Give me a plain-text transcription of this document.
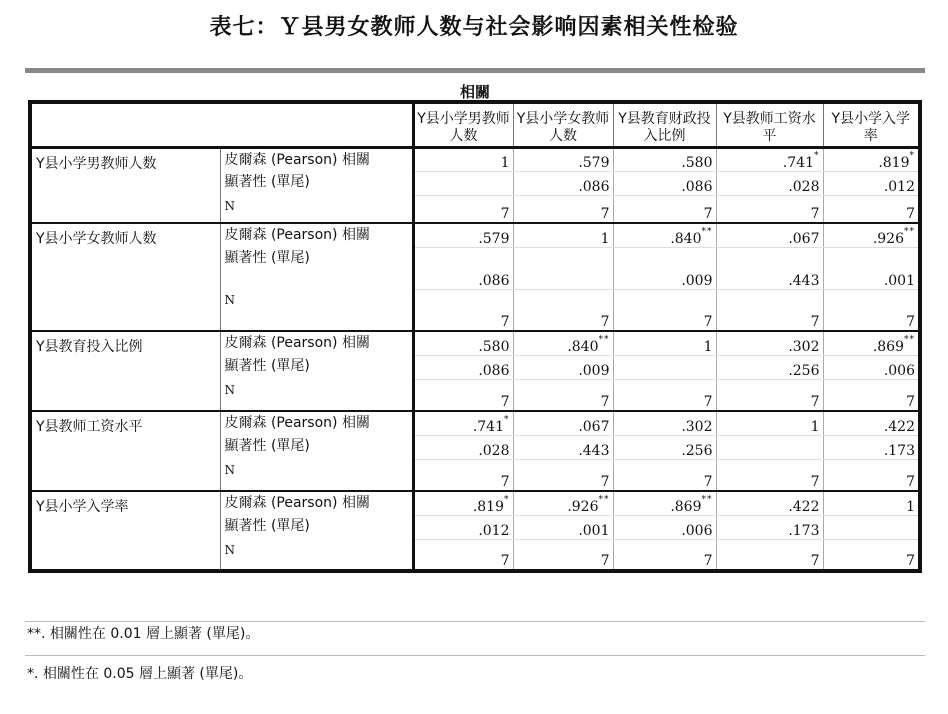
表七：Ｙ县男女教师人数与社会影响因素相关性检验
相關
		Y县小学男教师人数	Y县小学女教师人数	Y县教育财政投入比例	Y县教师工资水平	Y县小学入学率
Y县小学男教师人数	皮爾森 (Pearson) 相關	1	.579	.580	.741*	.819*
	顯著性 (單尾)		.086	.086	.028	.012
	N	7	7	7	7	7
Y县小学女教师人数	皮爾森 (Pearson) 相關	.579	1	.840**	.067	.926**
	顯著性 (單尾)	.086		.009	.443	.001
	N	7	7	7	7	7
Y县教育投入比例	皮爾森 (Pearson) 相關	.580	.840**	1	.302	.869**
	顯著性 (單尾)	.086	.009		.256	.006
	N	7	7	7	7	7
Y县教师工资水平	皮爾森 (Pearson) 相關	.741*	.067	.302	1	.422
	顯著性 (單尾)	.028	.443	.256		.173
	N	7	7	7	7	7
Y县小学入学率	皮爾森 (Pearson) 相關	.819*	.926**	.869**	.422	1
	顯著性 (單尾)	.012	.001	.006	.173	
	N	7	7	7	7	7
**. 相關性在 0.01 層上顯著 (單尾)。
*. 相關性在 0.05 層上顯著 (單尾)。
